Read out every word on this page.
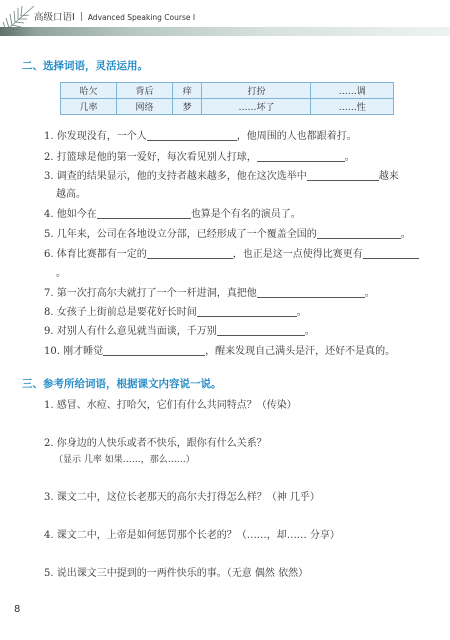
高级口语Ⅰ Advanced Speaking Course Ⅰ
二、选择词语，灵活运用。
哈欠	背后	痒	打扮	……调
几率	网络	梦	……坏了	……性
1. 你发现没有，一个人	，他周围的人也都跟着打。
2. 打篮球是他的第一爱好，每次看见别人打球，	。
3. 调查的结果显示，他的支持者越来越多，他在这次选举中	越来
越高。
4. 他如今在	也算是个有名的演员了。
5. 几年来，公司在各地设立分部，已经形成了一个覆盖全国的	。
6. 体育比赛都有一定的	，也正是这一点使得比赛更有
。
7. 第一次打高尔夫就打了一个一杆进洞，真把他	。
8. 女孩子上街前总是要花好长时间	。
9. 对别人有什么意见就当面谈，千万别	。
10. 刚才睡觉	，醒来发现自己满头是汗，还好不是真的。
三、参考所给词语，根据课文内容说一说。
1. 感冒、水痘、打哈欠，它们有什么共同特点？（传染）
2. 你身边的人快乐或者不快乐，跟你有什么关系？
（显示 几率 如果……，那么……）
3. 课文二中，这位长老那天的高尔夫打得怎么样？（神 几乎）
4. 课文二中，上帝是如何惩罚那个长老的？（……，却…… 分享）
5. 说出课文三中提到的一两件快乐的事。（无意 偶然 依然）
8
